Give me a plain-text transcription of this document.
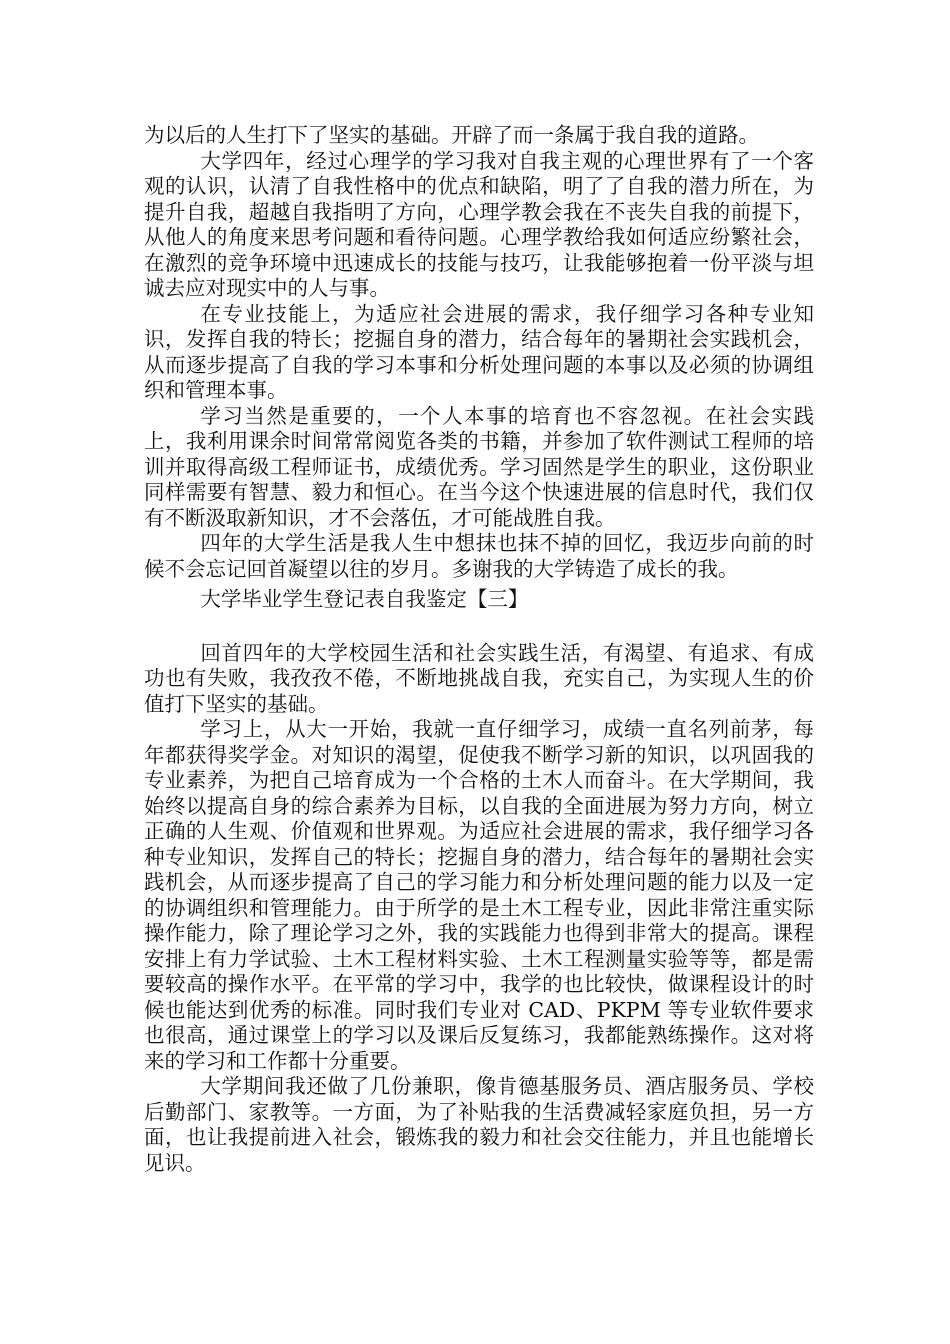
为以后的人生打下了坚实的基础。开辟了而一条属于我自我的道路。

大学四年，经过心理学的学习我对自我主观的心理世界有了一个客观的认识，认清了自我性格中的优点和缺陷，明了了自我的潜力所在，为提升自我，超越自我指明了方向，心理学教会我在不丧失自我的前提下，从他人的角度来思考问题和看待问题。心理学教给我如何适应纷繁社会，在激烈的竞争环境中迅速成长的技能与技巧，让我能够抱着一份平淡与坦诚去应对现实中的人与事。

在专业技能上，为适应社会进展的需求，我仔细学习各种专业知识，发挥自我的特长；挖掘自身的潜力，结合每年的暑期社会实践机会，从而逐步提高了自我的学习本事和分析处理问题的本事以及必须的协调组织和管理本事。

学习当然是重要的，一个人本事的培育也不容忽视。在社会实践上，我利用课余时间常常阅览各类的书籍，并参加了软件测试工程师的培训并取得高级工程师证书，成绩优秀。学习固然是学生的职业，这份职业同样需要有智慧、毅力和恒心。在当今这个快速进展的信息时代，我们仅有不断汲取新知识，才不会落伍，才可能战胜自我。

四年的大学生活是我人生中想抹也抹不掉的回忆，我迈步向前的时候不会忘记回首凝望以往的岁月。多谢我的大学铸造了成长的我。

大学毕业学生登记表自我鉴定【三】

回首四年的大学校园生活和社会实践生活，有渴望、有追求、有成功也有失败，我孜孜不倦，不断地挑战自我，充实自己，为实现人生的价值打下坚实的基础。

学习上，从大一开始，我就一直仔细学习，成绩一直名列前茅，每年都获得奖学金。对知识的渴望，促使我不断学习新的知识，以巩固我的专业素养，为把自己培育成为一个合格的土木人而奋斗。在大学期间，我始终以提高自身的综合素养为目标，以自我的全面进展为努力方向，树立正确的人生观、价值观和世界观。为适应社会进展的需求，我仔细学习各种专业知识，发挥自己的特长；挖掘自身的潜力，结合每年的暑期社会实践机会，从而逐步提高了自己的学习能力和分析处理问题的能力以及一定的协调组织和管理能力。由于所学的是土木工程专业，因此非常注重实际操作能力，除了理论学习之外，我的实践能力也得到非常大的提高。课程安排上有力学试验、土木工程材料实验、土木工程测量实验等等，都是需要较高的操作水平。在平常的学习中，我学的也比较快，做课程设计的时候也能达到优秀的标准。同时我们专业对 CAD、PKPM 等专业软件要求也很高，通过课堂上的学习以及课后反复练习，我都能熟练操作。这对将来的学习和工作都十分重要。

大学期间我还做了几份兼职，像肯德基服务员、酒店服务员、学校后勤部门、家教等。一方面，为了补贴我的生活费减轻家庭负担，另一方面，也让我提前进入社会，锻炼我的毅力和社会交往能力，并且也能增长见识。
